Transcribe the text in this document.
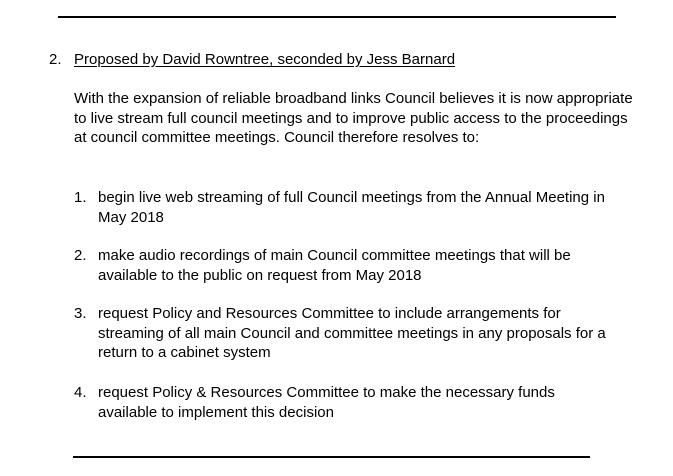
2. Proposed by David Rowntree, seconded by Jess Barnard

With the expansion of reliable broadband links Council believes it is now appropriate to live stream full council meetings and to improve public access to the proceedings at council committee meetings. Council therefore resolves to:

1. begin live web streaming of full Council meetings from the Annual Meeting in May 2018
2. make audio recordings of main Council committee meetings that will be available to the public on request from May 2018
3. request Policy and Resources Committee to include arrangements for streaming of all main Council and committee meetings in any proposals for a return to a cabinet system
4. request Policy & Resources Committee to make the necessary funds available to implement this decision
